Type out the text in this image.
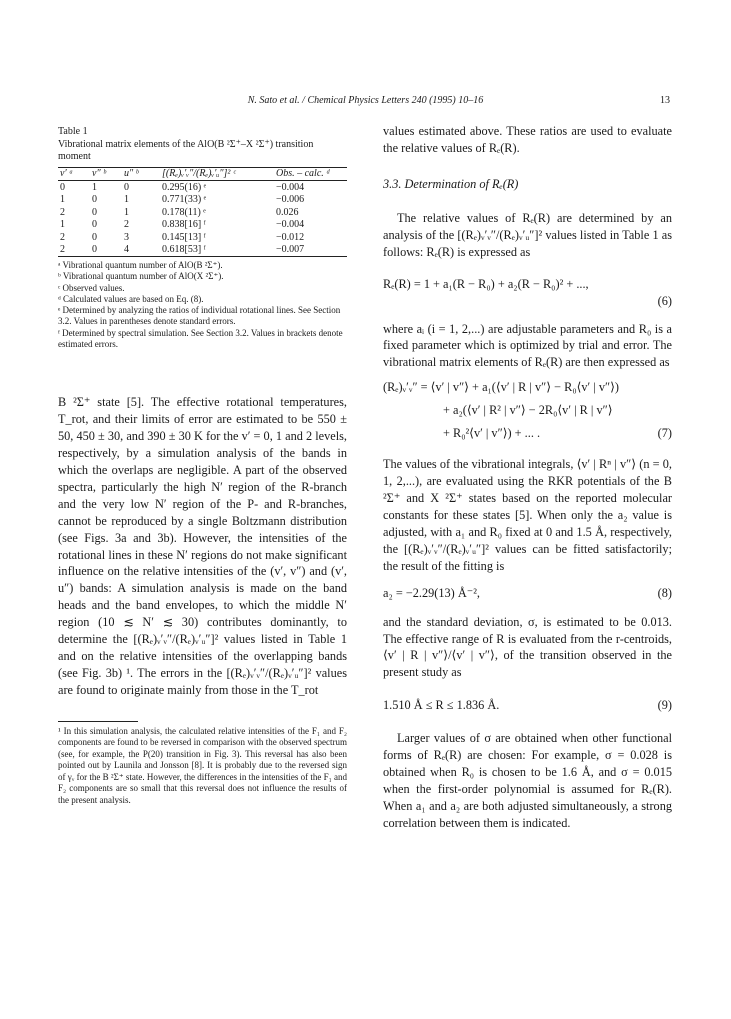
N. Sato et al. / Chemical Physics Letters 240 (1995) 10–16	13

Table 1

Vibrational matrix elements of the AlO(B ²Σ⁺–X ²Σ⁺) transition moment

v′ ᵃ	v″ ᵇ	u″ ᵇ	[(Rₑ)ᵥ′ᵥ″/(Rₑ)ᵥ′ᵤ″]² ᶜ	Obs. – calc. ᵈ
0	1	0	0.295(16) ᵉ	−0.004
1	0	1	0.771(33) ᵉ	−0.006
2	0	1	0.178(11) ᵉ	0.026
1	0	2	0.838[16] ᶠ	−0.004
2	0	3	0.145[13] ᶠ	−0.012
2	0	4	0.618[53] ᶠ	−0.007

ᵃ Vibrational quantum number of AlO(B ²Σ⁺).

ᵇ Vibrational quantum number of AlO(X ²Σ⁺).

ᶜ Observed values.

ᵈ Calculated values are based on Eq. (8).

ᵉ Determined by analyzing the ratios of individual rotational lines. See Section 3.2. Values in parentheses denote standard errors.

ᶠ Determined by spectral simulation. See Section 3.2. Values in brackets denote estimated errors.

B ²Σ⁺ state [5]. The effective rotational temperatures, T_rot, and their limits of error are estimated to be 550 ± 50, 450 ± 30, and 390 ± 30 K for the v′ = 0, 1 and 2 levels, respectively, by a simulation analysis of the bands in which the overlaps are negligible. A part of the observed spectra, particularly the high N′ region of the R-branch and the very low N′ region of the P- and R-branches, cannot be reproduced by a single Boltzmann distribution (see Figs. 3a and 3b). However, the intensities of the rotational lines in these N′ regions do not make significant influence on the relative intensities of the (v′, v″) and (v′, u″) bands: A simulation analysis is made on the band heads and the band envelopes, to which the middle N′ region (10 ≲ N′ ≲ 30) contributes dominantly, to determine the [(Rₑ)ᵥ′ᵥ″/(Rₑ)ᵥ′ᵤ″]² values listed in Table 1 and on the relative intensities of the overlapping bands (see Fig. 3b) ¹. The errors in the [(Rₑ)ᵥ′ᵥ″/(Rₑ)ᵥ′ᵤ″]² values are found to originate mainly from those in the T_rot

¹ In this simulation analysis, the calculated relative intensities of the F₁ and F₂ components are found to be reversed in comparison with the observed spectrum (see, for example, the P(20) transition in Fig. 3). This reversal has also been pointed out by Launila and Jonsson [8]. It is probably due to the reversed sign of γᵥ for the B ²Σ⁺ state. However, the differences in the intensities of the F₁ and F₂ components are so small that this reversal does not influence the results of the present analysis.

values estimated above. These ratios are used to evaluate the relative values of Rₑ(R).

3.3. Determination of Rₑ(R)

The relative values of Rₑ(R) are determined by an analysis of the [(Rₑ)ᵥ′ᵥ″/(Rₑ)ᵥ′ᵤ″]² values listed in Table 1 as follows: Rₑ(R) is expressed as

Rₑ(R) = 1 + a₁(R − R₀) + a₂(R − R₀)² + ...,
(6)

where aᵢ (i = 1, 2,...) are adjustable parameters and R₀ is a fixed parameter which is optimized by trial and error. The vibrational matrix elements of Rₑ(R) are then expressed as

(Rₑ)ᵥ′ᵥ″ = ⟨v′ | v″⟩ + a₁(⟨v′ | R | v″⟩ − R₀⟨v′ | v″⟩)
+ a₂(⟨v′ | R² | v″⟩ − 2R₀⟨v′ | R | v″⟩
+ R₀²⟨v′ | v″⟩) + ... .	(7)

The values of the vibrational integrals, ⟨v′ | Rⁿ | v″⟩ (n = 0, 1, 2,...), are evaluated using the RKR potentials of the B ²Σ⁺ and X ²Σ⁺ states based on the reported molecular constants for these states [5]. When only the a₂ value is adjusted, with a₁ and R₀ fixed at 0 and 1.5 Å, respectively, the [(Rₑ)ᵥ′ᵥ″/(Rₑ)ᵥ′ᵤ″]² values can be fitted satisfactorily; the result of the fitting is

a₂ = −2.29(13) Å⁻²,	(8)

and the standard deviation, σ, is estimated to be 0.013. The effective range of R is evaluated from the r-centroids, ⟨v′ | R | v″⟩/⟨v′ | v″⟩, of the transition observed in the present study as

1.510 Å ≤ R ≤ 1.836 Å.	(9)

Larger values of σ are obtained when other functional forms of Rₑ(R) are chosen: For example, σ = 0.028 is obtained when R₀ is chosen to be 1.6 Å, and σ = 0.015 when the first-order polynomial is assumed for Rₑ(R). When a₁ and a₂ are both adjusted simultaneously, a strong correlation between them is indicated.
